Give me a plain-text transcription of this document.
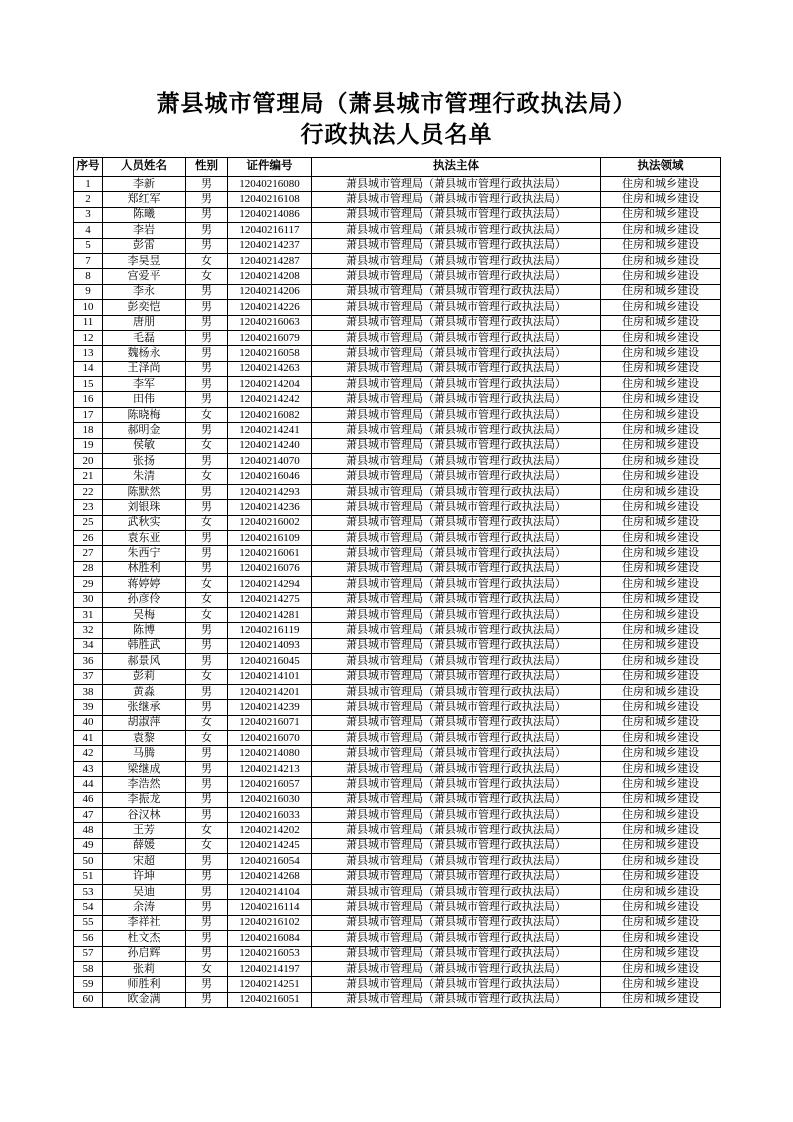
萧县城市管理局（萧县城市管理行政执法局）
行政执法人员名单
序号	人员姓名	性别	证件编号	执法主体	执法领域
1	李新	男	12040216080	萧县城市管理局（萧县城市管理行政执法局）	住房和城乡建设
2	郑红军	男	12040216108	萧县城市管理局（萧县城市管理行政执法局）	住房和城乡建设
3	陈曦	男	12040214086	萧县城市管理局（萧县城市管理行政执法局）	住房和城乡建设
4	李岩	男	12040216117	萧县城市管理局（萧县城市管理行政执法局）	住房和城乡建设
5	彭雷	男	12040214237	萧县城市管理局（萧县城市管理行政执法局）	住房和城乡建设
7	李昊昱	女	12040214287	萧县城市管理局（萧县城市管理行政执法局）	住房和城乡建设
8	宫爱平	女	12040214208	萧县城市管理局（萧县城市管理行政执法局）	住房和城乡建设
9	李永	男	12040214206	萧县城市管理局（萧县城市管理行政执法局）	住房和城乡建设
10	彭奕恺	男	12040214226	萧县城市管理局（萧县城市管理行政执法局）	住房和城乡建设
11	唐朋	男	12040216063	萧县城市管理局（萧县城市管理行政执法局）	住房和城乡建设
12	毛磊	男	12040216079	萧县城市管理局（萧县城市管理行政执法局）	住房和城乡建设
13	魏杨永	男	12040216058	萧县城市管理局（萧县城市管理行政执法局）	住房和城乡建设
14	王泽尚	男	12040214263	萧县城市管理局（萧县城市管理行政执法局）	住房和城乡建设
15	李军	男	12040214204	萧县城市管理局（萧县城市管理行政执法局）	住房和城乡建设
16	田伟	男	12040214242	萧县城市管理局（萧县城市管理行政执法局）	住房和城乡建设
17	陈晓梅	女	12040216082	萧县城市管理局（萧县城市管理行政执法局）	住房和城乡建设
18	郝明金	男	12040214241	萧县城市管理局（萧县城市管理行政执法局）	住房和城乡建设
19	侯敏	女	12040214240	萧县城市管理局（萧县城市管理行政执法局）	住房和城乡建设
20	张扬	男	12040214070	萧县城市管理局（萧县城市管理行政执法局）	住房和城乡建设
21	朱清	女	12040216046	萧县城市管理局（萧县城市管理行政执法局）	住房和城乡建设
22	陈默然	男	12040214293	萧县城市管理局（萧县城市管理行政执法局）	住房和城乡建设
23	刘银珠	男	12040214236	萧县城市管理局（萧县城市管理行政执法局）	住房和城乡建设
25	武秋实	女	12040216002	萧县城市管理局（萧县城市管理行政执法局）	住房和城乡建设
26	袁东亚	男	12040216109	萧县城市管理局（萧县城市管理行政执法局）	住房和城乡建设
27	朱西宁	男	12040216061	萧县城市管理局（萧县城市管理行政执法局）	住房和城乡建设
28	林胜利	男	12040216076	萧县城市管理局（萧县城市管理行政执法局）	住房和城乡建设
29	蒋婷婷	女	12040214294	萧县城市管理局（萧县城市管理行政执法局）	住房和城乡建设
30	孙彦伶	女	12040214275	萧县城市管理局（萧县城市管理行政执法局）	住房和城乡建设
31	吴梅	女	12040214281	萧县城市管理局（萧县城市管理行政执法局）	住房和城乡建设
32	陈博	男	12040216119	萧县城市管理局（萧县城市管理行政执法局）	住房和城乡建设
34	韩胜武	男	12040214093	萧县城市管理局（萧县城市管理行政执法局）	住房和城乡建设
36	郝景风	男	12040216045	萧县城市管理局（萧县城市管理行政执法局）	住房和城乡建设
37	彭莉	女	12040214101	萧县城市管理局（萧县城市管理行政执法局）	住房和城乡建设
38	黄淼	男	12040214201	萧县城市管理局（萧县城市管理行政执法局）	住房和城乡建设
39	张继承	男	12040214239	萧县城市管理局（萧县城市管理行政执法局）	住房和城乡建设
40	胡淑萍	女	12040216071	萧县城市管理局（萧县城市管理行政执法局）	住房和城乡建设
41	袁黎	女	12040216070	萧县城市管理局（萧县城市管理行政执法局）	住房和城乡建设
42	马腾	男	12040214080	萧县城市管理局（萧县城市管理行政执法局）	住房和城乡建设
43	梁继成	男	12040214213	萧县城市管理局（萧县城市管理行政执法局）	住房和城乡建设
44	李浩然	男	12040216057	萧县城市管理局（萧县城市管理行政执法局）	住房和城乡建设
46	李振龙	男	12040216030	萧县城市管理局（萧县城市管理行政执法局）	住房和城乡建设
47	谷汉林	男	12040216033	萧县城市管理局（萧县城市管理行政执法局）	住房和城乡建设
48	王芳	女	12040214202	萧县城市管理局（萧县城市管理行政执法局）	住房和城乡建设
49	薛媛	女	12040214245	萧县城市管理局（萧县城市管理行政执法局）	住房和城乡建设
50	宋超	男	12040216054	萧县城市管理局（萧县城市管理行政执法局）	住房和城乡建设
51	许坤	男	12040214268	萧县城市管理局（萧县城市管理行政执法局）	住房和城乡建设
53	吴迪	男	12040214104	萧县城市管理局（萧县城市管理行政执法局）	住房和城乡建设
54	余涛	男	12040216114	萧县城市管理局（萧县城市管理行政执法局）	住房和城乡建设
55	李祥社	男	12040216102	萧县城市管理局（萧县城市管理行政执法局）	住房和城乡建设
56	杜文杰	男	12040216084	萧县城市管理局（萧县城市管理行政执法局）	住房和城乡建设
57	孙启辉	男	12040216053	萧县城市管理局（萧县城市管理行政执法局）	住房和城乡建设
58	张莉	女	12040214197	萧县城市管理局（萧县城市管理行政执法局）	住房和城乡建设
59	师胜利	男	12040214251	萧县城市管理局（萧县城市管理行政执法局）	住房和城乡建设
60	欧金满	男	12040216051	萧县城市管理局（萧县城市管理行政执法局）	住房和城乡建设
